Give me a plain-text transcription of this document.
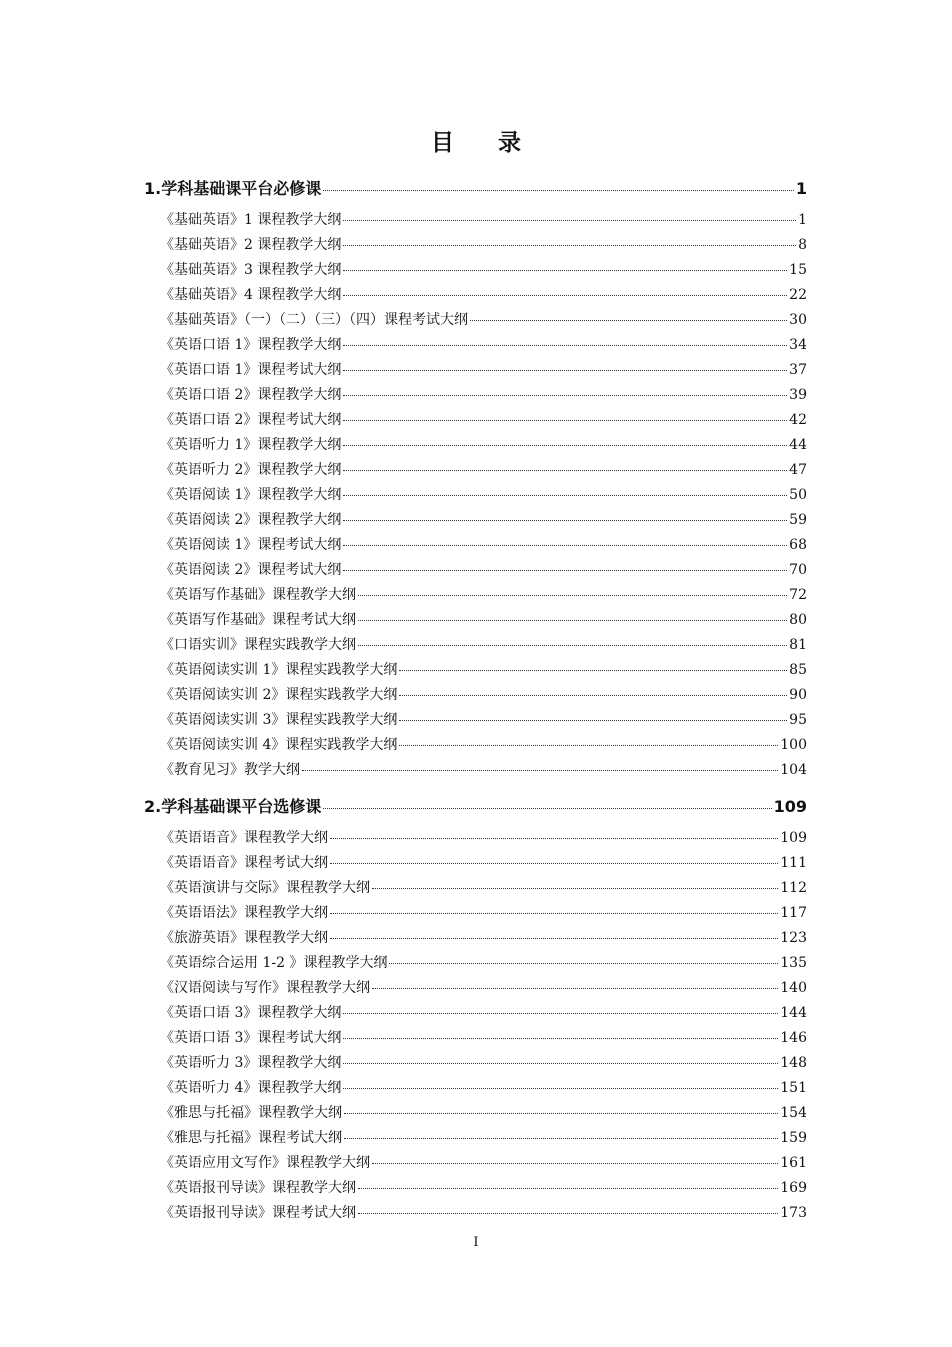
目 录
1.学科基础课平台必修课	1
《基础英语》1 课程教学大纲	1
《基础英语》2 课程教学大纲	8
《基础英语》3 课程教学大纲	15
《基础英语》4 课程教学大纲	22
《基础英语》（一）（二）（三）（四）课程考试大纲	30
《英语口语 1》课程教学大纲	34
《英语口语 1》课程考试大纲	37
《英语口语 2》课程教学大纲	39
《英语口语 2》课程考试大纲	42
《英语听力 1》课程教学大纲	44
《英语听力 2》课程教学大纲	47
《英语阅读 1》课程教学大纲	50
《英语阅读 2》课程教学大纲	59
《英语阅读 1》课程考试大纲	68
《英语阅读 2》课程考试大纲	70
《英语写作基础》课程教学大纲	72
《英语写作基础》课程考试大纲	80
《口语实训》课程实践教学大纲	81
《英语阅读实训 1》课程实践教学大纲	85
《英语阅读实训 2》课程实践教学大纲	90
《英语阅读实训 3》课程实践教学大纲	95
《英语阅读实训 4》课程实践教学大纲	100
《教育见习》教学大纲	104
2.学科基础课平台选修课	109
《英语语音》课程教学大纲	109
《英语语音》课程考试大纲	111
《英语演讲与交际》课程教学大纲	112
《英语语法》课程教学大纲	117
《旅游英语》课程教学大纲	123
《英语综合运用 1-2 》课程教学大纲	135
《汉语阅读与写作》课程教学大纲	140
《英语口语 3》课程教学大纲	144
《英语口语 3》课程考试大纲	146
《英语听力 3》课程教学大纲	148
《英语听力 4》课程教学大纲	151
《雅思与托福》课程教学大纲	154
《雅思与托福》课程考试大纲	159
《英语应用文写作》课程教学大纲	161
《英语报刊导读》课程教学大纲	169
《英语报刊导读》课程考试大纲	173
I
